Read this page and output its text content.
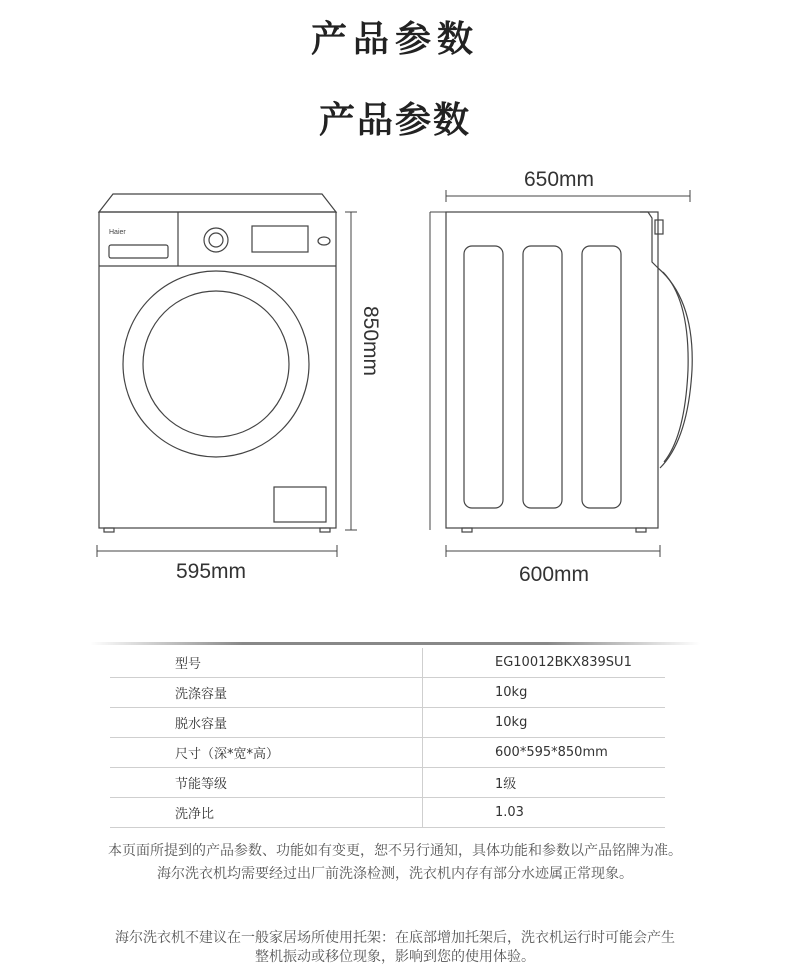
产品参数
产品参数
Haier
650mm
850mm
595mm	600mm
型号	EG10012BKX839SU1
洗涤容量	10kg
脱水容量	10kg
尺寸（深*宽*高）	600*595*850mm
节能等级	1级
洗净比	1.03
本页面所提到的产品参数、功能如有变更，恕不另行通知，具体功能和参数以产品铭牌为准。
海尔洗衣机均需要经过出厂前洗涤检测，洗衣机内存有部分水迹属正常现象。
海尔洗衣机不建议在一般家居场所使用托架：在底部增加托架后，洗衣机运行时可能会产生
整机振动或移位现象，影响到您的使用体验。
